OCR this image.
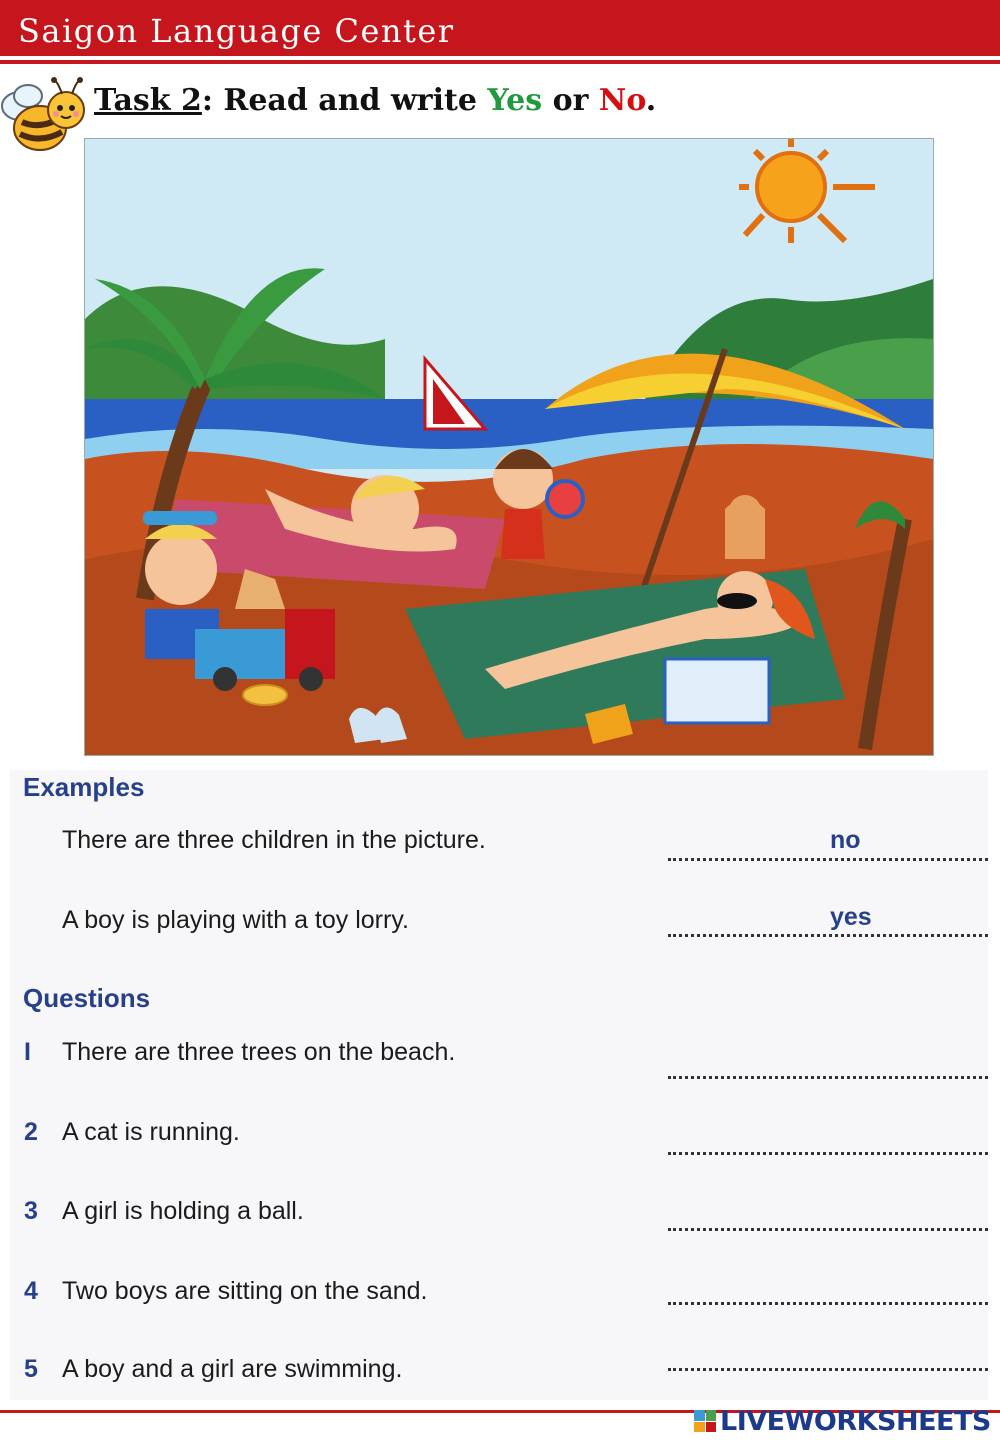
Saigon Language Center
Task 2: Read and write Yes or No.
Examples
There are three children in the picture.	no
A boy is playing with a toy lorry.	yes
Questions
I There are three trees on the beach.
2 A cat is running.
3 A girl is holding a ball.
4 Two boys are sitting on the sand.
5 A boy and a girl are swimming.
LIVEWORKSHEETS
